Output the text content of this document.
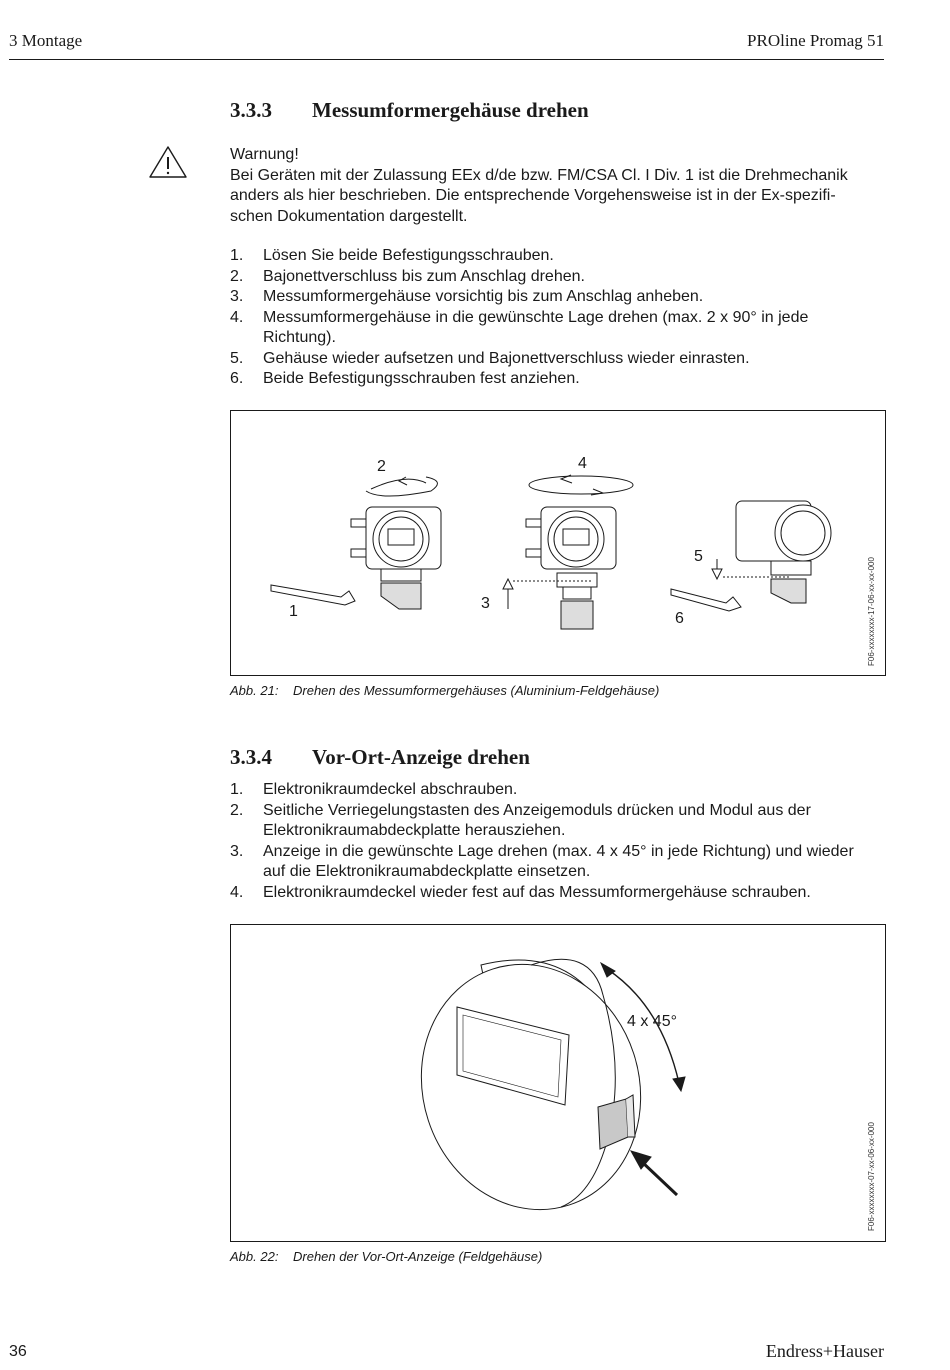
3 Montage	PROline Promag 51
3.3.3 Messumformergehäuse drehen
Warnung!
Bei Geräten mit der Zulassung EEx d/de bzw. FM/CSA Cl. I Div. 1 ist die Drehmechanik
anders als hier beschrieben. Die entsprechende Vorgehensweise ist in der Ex-spezifi-
schen Dokumentation dargestellt.
1. Lösen Sie beide Befestigungsschrauben.
2. Bajonettverschluss bis zum Anschlag drehen.
3. Messumformergehäuse vorsichtig bis zum Anschlag anheben.
4. Messumformergehäuse in die gewünschte Lage drehen (max. 2 x 90° in jede
Richtung).
5. Gehäuse wieder aufsetzen und Bajonettverschluss wieder einrasten.
6. Beide Befestigungsschrauben fest anziehen.
1
2
3
4
5
6	F06-xxxxxxxx-17-06-xx-xx-000
Abb. 21: Drehen des Messumformergehäuses (Aluminium-Feldgehäuse)
3.3.4 Vor-Ort-Anzeige drehen
1. Elektronikraumdeckel abschrauben.
2. Seitliche Verriegelungstasten des Anzeigemoduls drücken und Modul aus der
Elektronikraumabdeckplatte herausziehen.
3. Anzeige in die gewünschte Lage drehen (max. 4 x 45° in jede Richtung) und wieder
auf die Elektronikraumabdeckplatte einsetzen.
4. Elektronikraumdeckel wieder fest auf das Messumformergehäuse schrauben.
4 x 45°
F06-xxxxxxxx-07-xx-06-xx-000
Abb. 22: Drehen der Vor-Ort-Anzeige (Feldgehäuse)
36	Endress+Hauser
